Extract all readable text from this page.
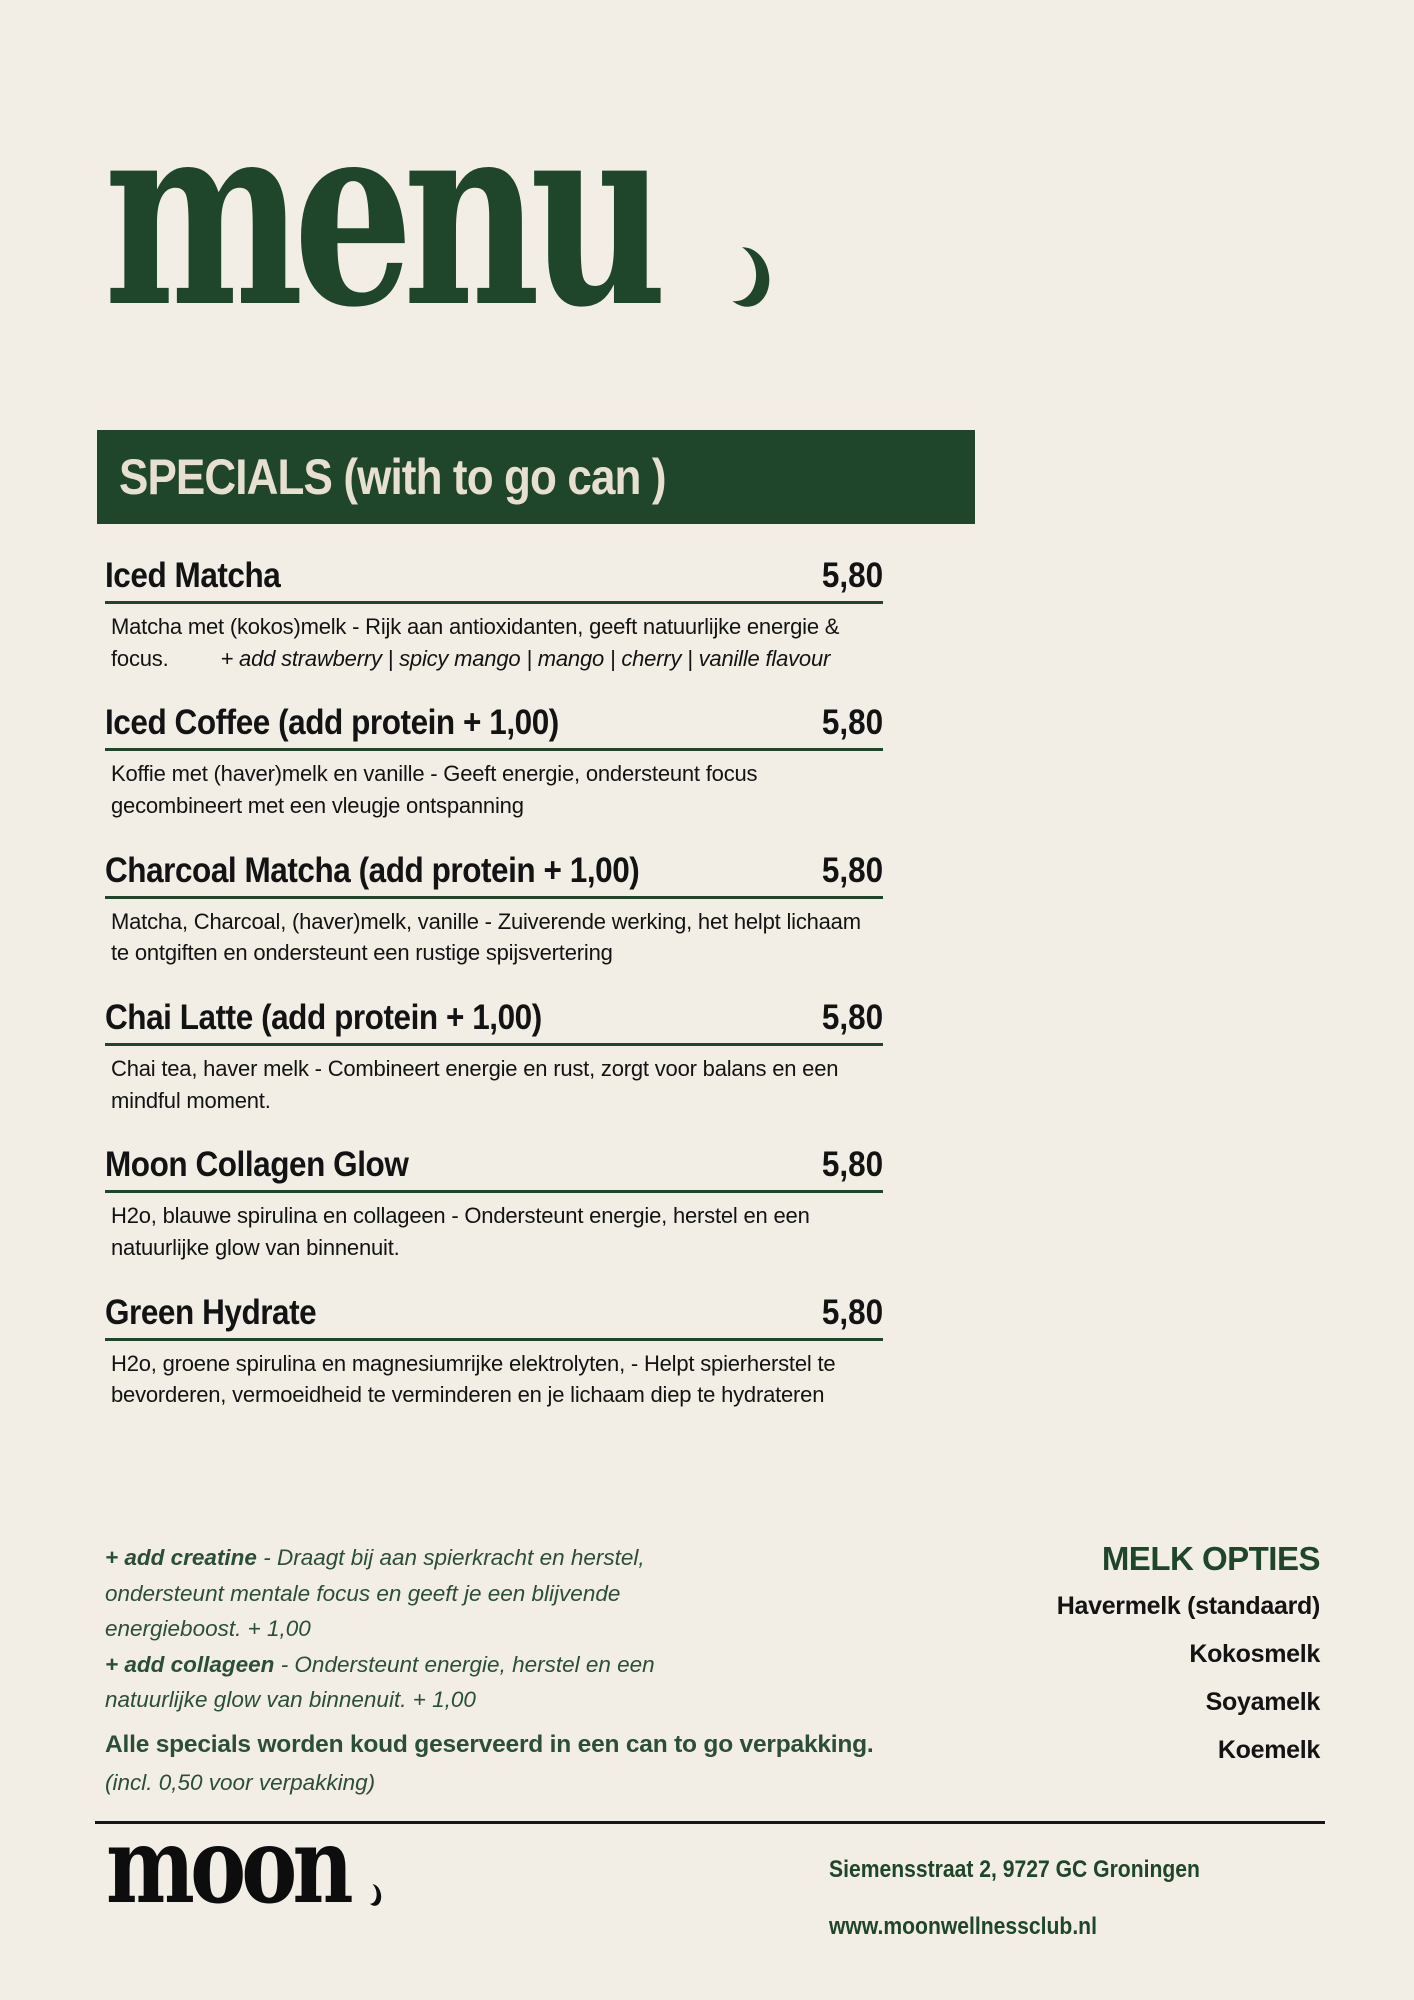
menu
SPECIALS (with to go can )
Iced Matcha	5,80

Matcha met (kokos)melk - Rijk aan antioxidanten, geeft natuurlijke energie & focus. + add strawberry | spicy mango | mango | cherry | vanille flavour

Iced Coffee (add protein + 1,00)	5,80

Koffie met (haver)melk en vanille - Geeft energie, ondersteunt focus gecombineert met een vleugje ontspanning

Charcoal Matcha (add protein + 1,00)	5,80

Matcha, Charcoal, (haver)melk, vanille - Zuiverende werking, het helpt lichaam te ontgiften en ondersteunt een rustige spijsvertering

Chai Latte (add protein + 1,00)	5,80

Chai tea, haver melk - Combineert energie en rust, zorgt voor balans en een mindful moment.

Moon Collagen Glow	5,80

H2o, blauwe spirulina en collageen - Ondersteunt energie, herstel en een natuurlijke glow van binnenuit.

Green Hydrate	5,80

H2o, groene spirulina en magnesiumrijke elektrolyten, - Helpt spierherstel te bevorderen, vermoeidheid te verminderen en je lichaam diep te hydrateren

+ add creatine - Draagt bij aan spierkracht en herstel, ondersteunt mentale focus en geeft je een blijvende energieboost. + 1,00

+ add collageen - Ondersteunt energie, herstel en een natuurlijke glow van binnenuit. + 1,00

MELK OPTIES
Havermelk (standaard)
Kokosmelk
Soyamelk
Koemelk
Alle specials worden koud geserveerd in een can to go verpakking.
(incl. 0,50 voor verpakking)
moon	Siemensstraat 2, 9727 GC Groningen
www.moonwellnessclub.nl
